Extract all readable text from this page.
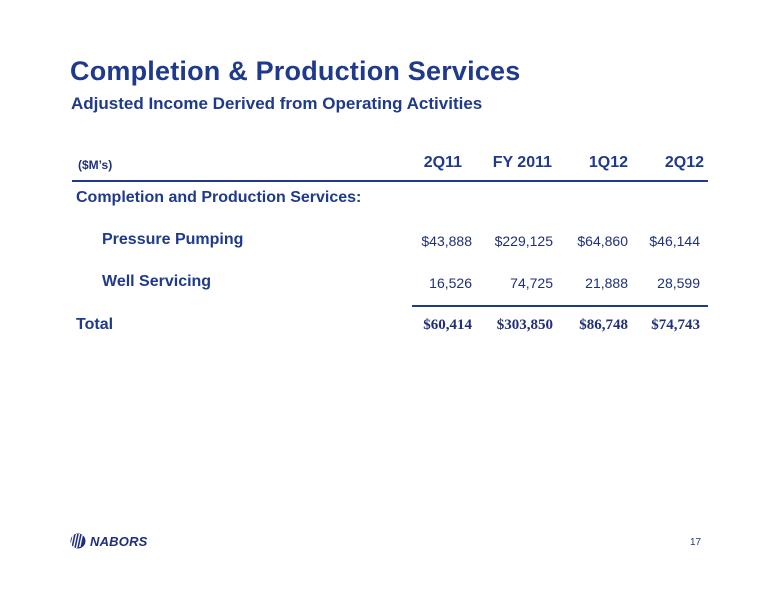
Completion & Production Services
Adjusted Income Derived from Operating Activities
($M’s)	2Q11 FY 2011 1Q12 2Q12
Completion and Production Services:
Pressure Pumping	$43,888 $229,125 $64,860 $46,144
Well Servicing	16,526	74,725 21,888 28,599
Total	$60,414 $303,850 $86,748 $74,743
NABORS	17
